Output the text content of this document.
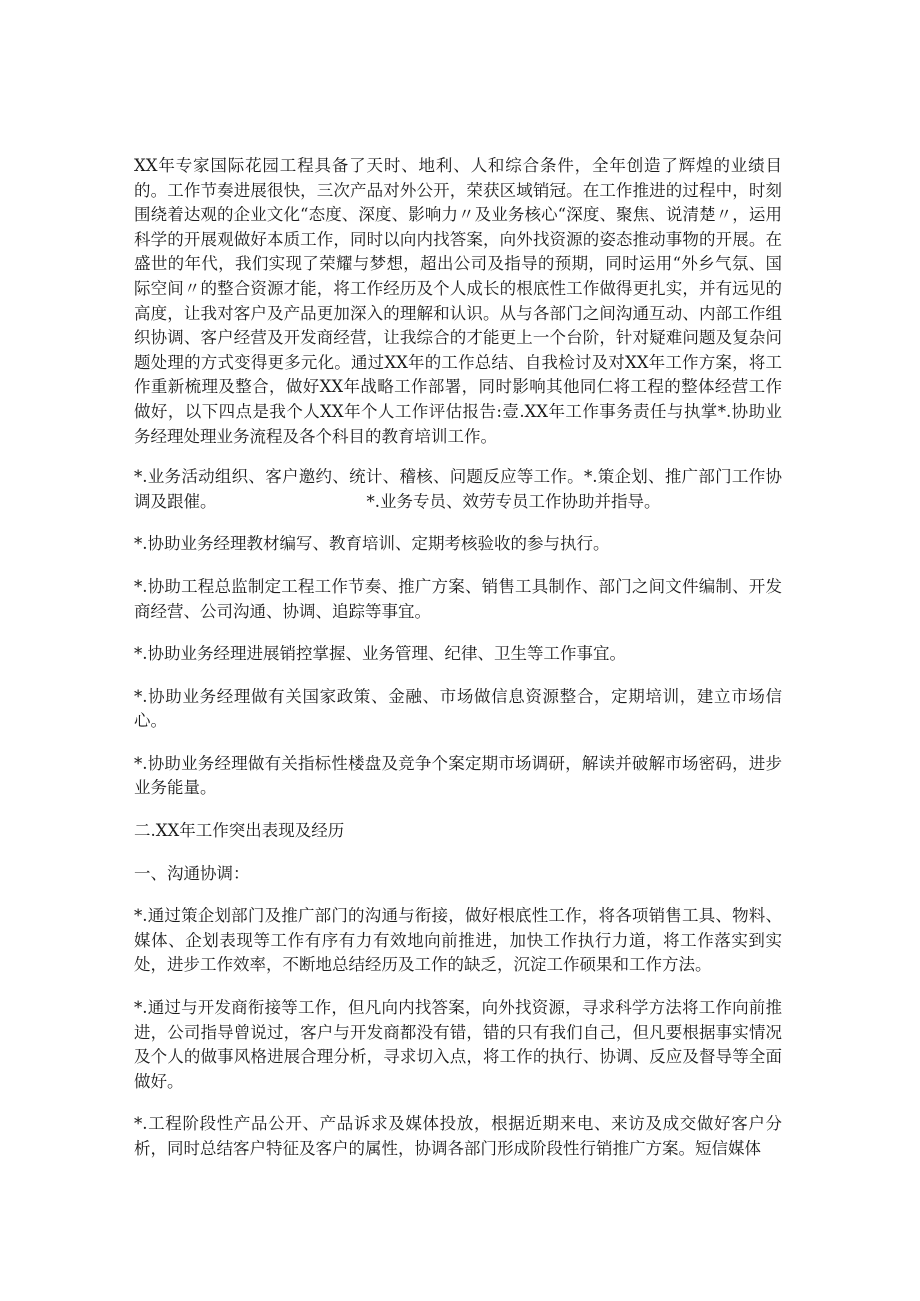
XX年专家国际花园工程具备了天时、地利、人和综合条件，全年创造了辉煌的业绩目的。工作节奏进展很快，三次产品对外公开，荣获区域销冠。在工作推进的过程中，时刻围绕着达观的企业文化“态度、深度、影响力〃及业务核心“深度、聚焦、说清楚〃，运用科学的开展观做好本质工作，同时以向内找答案，向外找资源的姿态推动事物的开展。在盛世的年代，我们实现了荣耀与梦想，超出公司及指导的预期，同时运用“外乡气氛、国际空间〃的整合资源才能，将工作经历及个人成长的根底性工作做得更扎实，并有远见的高度，让我对客户及产品更加深入的理解和认识。从与各部门之间沟通互动、内部工作组织协调、客户经营及开发商经营，让我综合的才能更上一个台阶，针对疑难问题及复杂问题处理的方式变得更多元化。通过XX年的工作总结、自我检讨及对XX年工作方案，将工作重新梳理及整合，做好XX年战略工作部署，同时影响其他同仁将工程的整体经营工作做好，以下四点是我个人XX年个人工作评估报告:壹.XX年工作事务责任与执掌*.协助业务经理处理业务流程及各个科目的教育培训工作。

*.业务活动组织、客户邀约、统计、稽核、问题反应等工作。*.策企划、推广部门工作协调及跟催。	*.业务专员、效劳专员工作协助并指导。

*.协助业务经理教材编写、教育培训、定期考核验收的参与执行。

*.协助工程总监制定工程工作节奏、推广方案、销售工具制作、部门之间文件编制、开发商经营、公司沟通、协调、追踪等事宜。

*.协助业务经理进展销控掌握、业务管理、纪律、卫生等工作事宜。

*.协助业务经理做有关国家政策、金融、市场做信息资源整合，定期培训，建立市场信心。

*.协助业务经理做有关指标性楼盘及竞争个案定期市场调研，解读并破解市场密码，进步业务能量。

二.XX年工作突出表现及经历

一、沟通协调：

*.通过策企划部门及推广部门的沟通与衔接，做好根底性工作，将各项销售工具、物料、媒体、企划表现等工作有序有力有效地向前推进，加快工作执行力道，将工作落实到实处，进步工作效率，不断地总结经历及工作的缺乏，沉淀工作硕果和工作方法。

*.通过与开发商衔接等工作，但凡向内找答案，向外找资源，寻求科学方法将工作向前推进，公司指导曾说过，客户与开发商都没有错，错的只有我们自己，但凡要根据事实情况及个人的做事风格进展合理分析，寻求切入点，将工作的执行、协调、反应及督导等全面做好。

*.工程阶段性产品公开、产品诉求及媒体投放，根据近期来电、来访及成交做好客户分析，同时总结客户特征及客户的属性，协调各部门形成阶段性行销推广方案。短信媒体
